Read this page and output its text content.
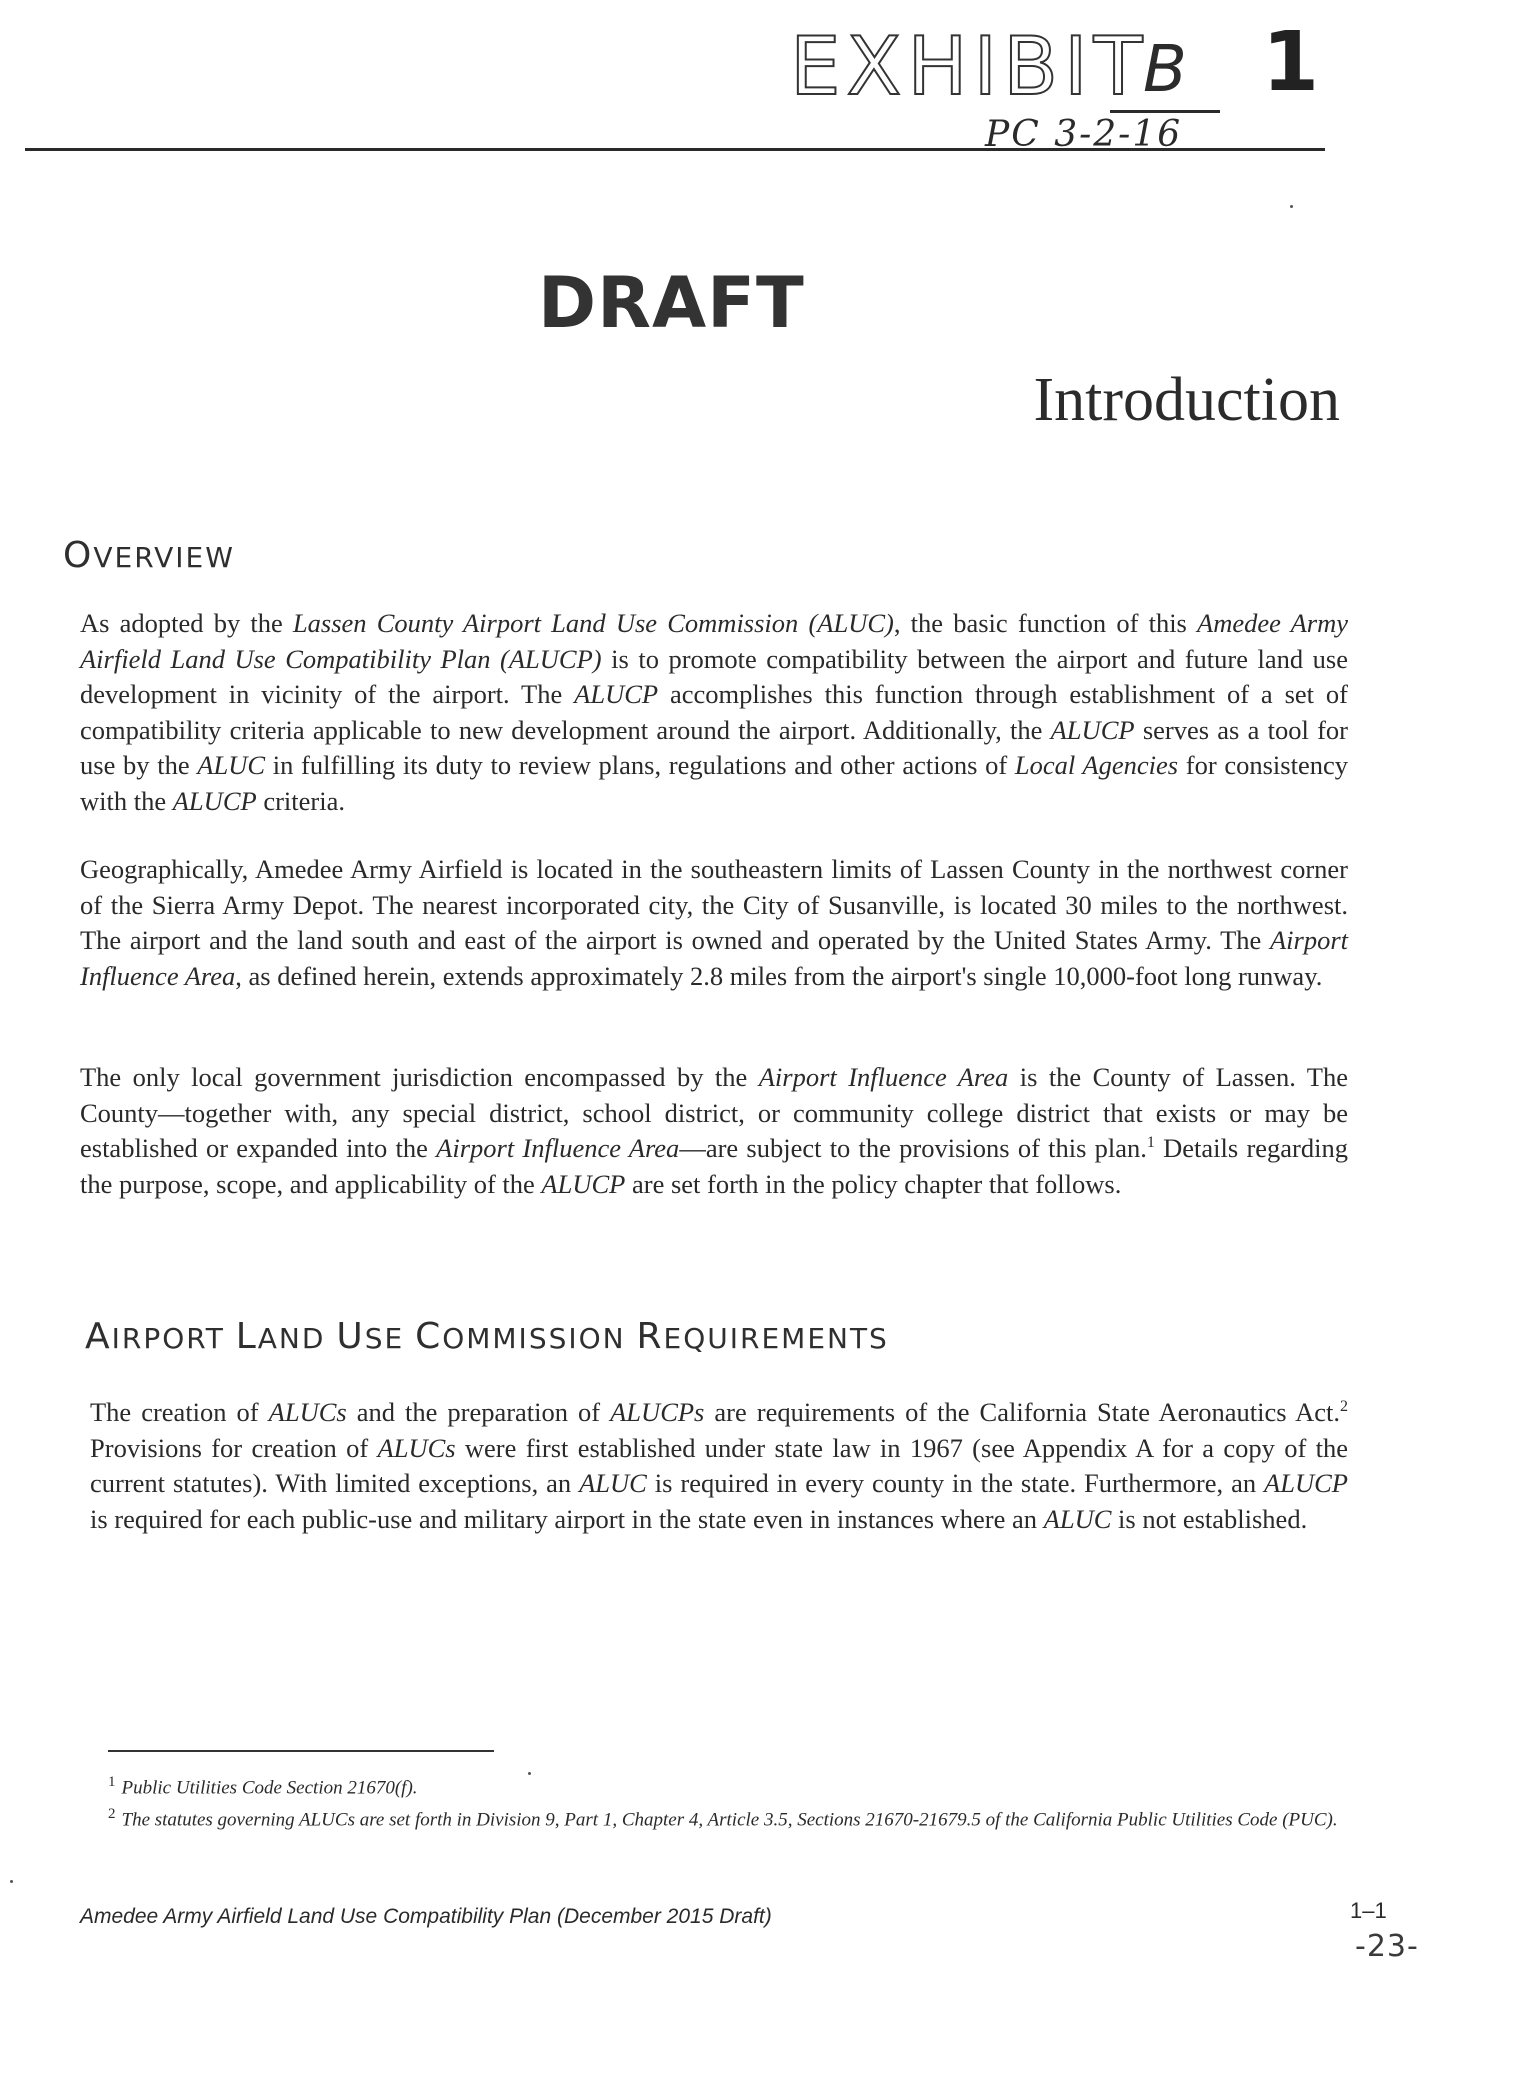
EXHIBIT
B 1
PC 3-2-16
DRAFT
Introduction
OVERVIEW

As adopted by the Lassen County Airport Land Use Commission (ALUC), the basic function of this Amedee Army Airfield Land Use Compatibility Plan (ALUCP) is to promote compatibility between the airport and future land use development in vicinity of the airport. The ALUCP accomplishes this function through establishment of a set of compatibility criteria applicable to new development around the airport. Additionally, the ALUCP serves as a tool for use by the ALUC in fulfilling its duty to review plans, regulations and other actions of Local Agencies for consistency with the ALUCP criteria.

Geographically, Amedee Army Airfield is located in the southeastern limits of Lassen County in the northwest corner of the Sierra Army Depot. The nearest incorporated city, the City of Susanville, is located 30 miles to the northwest. The airport and the land south and east of the airport is owned and operated by the United States Army. The Airport Influence Area, as defined herein, extends approximately 2.8 miles from the airport's single 10,000-foot long runway.

The only local government jurisdiction encompassed by the Airport Influence Area is the County of Lassen. The County—together with, any special district, school district, or community college district that exists or may be established or expanded into the Airport Influence Area—are subject to the provisions of this plan.$^1$ Details regarding the purpose, scope, and applicability of the ALUCP are set forth in the policy chapter that follows.

AIRPORT LAND USE COMMISSION REQUIREMENTS

The creation of ALUCs and the preparation of ALUCPs are requirements of the California State Aeronautics Act.$^2$ Provisions for creation of ALUCs were first established under state law in 1967 (see Appendix A for a copy of the current statutes). With limited exceptions, an ALUC is required in every county in the state. Furthermore, an ALUCP is required for each public-use and military airport in the state even in instances where an ALUC is not established.

$^1$ Public Utilities Code Section 21670(f).

$^2$ The statutes governing ALUCs are set forth in Division 9, Part 1, Chapter 4, Article 3.5, Sections 21670-21679.5 of the California Public Utilities Code (PUC).

Amedee Army Airfield Land Use Compatibility Plan (December 2015 Draft)	1–1
-23-
